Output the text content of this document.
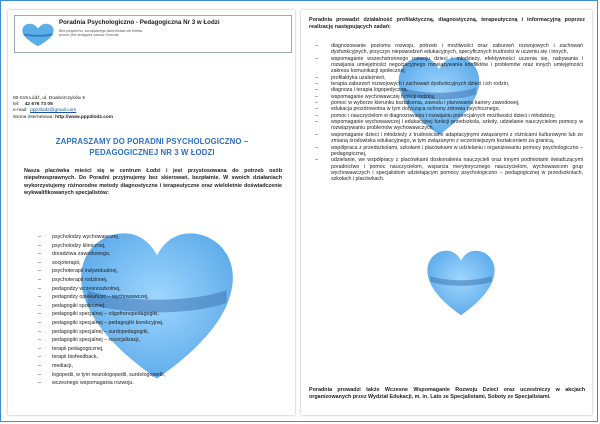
Poradnia Psychologiczno - Pedagogiczna Nr 3 w Łodzi
Bez pośpiechu, szczęśliwego dzieciństwa nie trzeba pomoc jest dostępna Janusz Korczak
90-019 Łódź, ul. Dowborczyków 5
tel: 42 676 73 05
e-mail: ppp3lodz@gmail.com
strona internetowa: http://www.ppp3lodz.com
ZAPRASZAMY DO PORADNI PSYCHOLOGICZNO –
PEDAGOGICZNEJ NR 3 W ŁODZI
Nasza placówka mieści się w centrum Łodzi i jest przystosowana do potrzeb osób niepełnosprawnych. Do Poradni przyjmujemy bez skierowań, bezpłatnie. W swoich działaniach wykorzystujemy różnorodne metody diagnostyczne i terapeutyczne oraz wieloletnie doświadczenie wykwalifikowanych specjalistów:
– psycholodzy wychowawczej,
– psycholodzy klinicznej,
– doradztwa zawodowego,
– socjoterapii,
– psychoterapii indywidualnej,
– psychoterapii rodzinnej,
– pedagodzy wczesnoszkolnej,
– pedagodzy opiekuńczo – wychowawczej,
– pedagogiki społecznej,
– pedagogiki specjalnej – oligofrenopedagogiki,
– pedagogiki specjalnej – pedagogiki korekcyjnej,
– pedagogiki specjalnej – surdopedagogiki,
– pedagogiki specjalnej – resocjalizacji,
– terapii pedagogicznej,
– terapii biofeedback,
– mediacji,
– logopedii, w tym neurologopedii, surdologopedii,
– wczesnego wspomagania rozwoju.
Poradnia prowadzi działalność profilaktyczną, diagnostyczną, terapeutyczną i informacyjną poprzez realizację następujących zadań:
– diagnozowanie poziomu rozwoju, potrzeb i możliwości oraz zaburzeń rozwojowych i zachowań dysfunkcyjnych, przyczyn niepowodzeń edukacyjnych, specyficznych trudności w uczeniu się i innych,
– wspomaganie wszechstronnego rozwoju dzieci i młodzieży, efektywności uczenia się, nabywania i rozwijania umiejętności negocjacyjnego rozwiązywania konfliktów i problemów oraz innych umiejętności zakresu komunikacji społecznej,
– profilaktyka uzależnień,
– terapia zaburzeń rozwojowych i zachowań dysfunkcyjnych dzieci i ich rodzin,
– diagnoza i terapia logopedyczna,
– wspomaganie wychowawczej funkcji rodziny,
– pomoc w wyborze kierunku kształcenia, zawodu i planowaniu kariery zawodowej,
– edukacja prozdrowotna w tym dotycząca ochrony zdrowia psychicznego,
– pomoc i nauczycielom w diagnozowaniu i rozwijaniu potencjalnych możliwości dzieci i młodzieży,
– wspomaganie wychowawczej i edukacyjnej funkcji przedszkola, szkoły, udzielanie nauczycielom pomocy w rozwiązywaniu problemów wychowawczych,
– wspomaganie dzieci i młodzieży z trudnościami adaptacyjnymi związanymi z różnicami kulturowymi lub ze zmianą środowiska edukacyjnego, w tym związanymi z wcześniejszym kształceniem za granicą,
– współpraca z przedszkolami, szkołami i placówkami w udzielaniu i organizowaniu pomocy psychologiczno – pedagogicznej,
– udzielanie, we współpracy z placówkami doskonalenia nauczycieli oraz innymi podmiotami świadczącymi poradnictwo i pomoc nauczycielom, wsparcia merytorycznego nauczycielom, wychowawcom grup wychowawczych i specjalistom udzielającym pomocy psychologiczno – pedagogicznej w przedszkolach, szkołach i placówkach.
Poradnia prowadzi także Wczesne Wspomaganie Rozwoju Dzieci oraz uczestniczy w akcjach organizowanych przez Wydział Edukacji, m. in. Lato ze Specjalistami, Soboty ze Specjalistami.
